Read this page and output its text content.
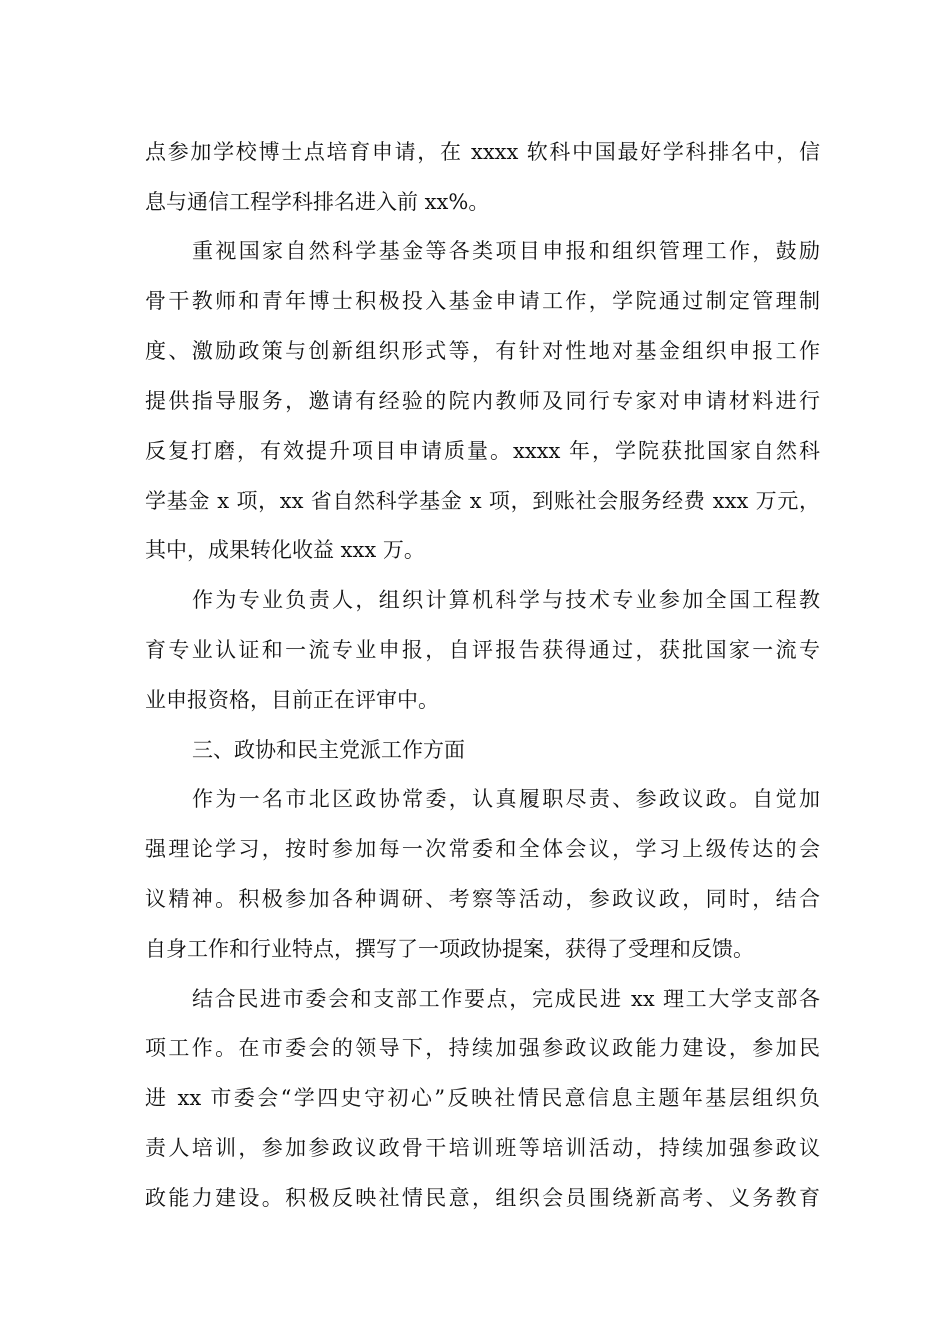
点参加学校博士点培育申请，在 xxxx 软科中国最好学科排名中，信
息与通信工程学科排名进入前 xx%。
重视国家自然科学基金等各类项目申报和组织管理工作，鼓励
骨干教师和青年博士积极投入基金申请工作，学院通过制定管理制
度、激励政策与创新组织形式等，有针对性地对基金组织申报工作
提供指导服务，邀请有经验的院内教师及同行专家对申请材料进行
反复打磨，有效提升项目申请质量。xxxx 年，学院获批国家自然科
学基金 x 项，xx 省自然科学基金 x 项，到账社会服务经费 xxx 万元，
其中，成果转化收益 xxx 万。
作为专业负责人，组织计算机科学与技术专业参加全国工程教
育专业认证和一流专业申报，自评报告获得通过，获批国家一流专
业申报资格，目前正在评审中。
三、政协和民主党派工作方面
作为一名市北区政协常委，认真履职尽责、参政议政。自觉加
强理论学习，按时参加每一次常委和全体会议，学习上级传达的会
议精神。积极参加各种调研、考察等活动，参政议政，同时，结合
自身工作和行业特点，撰写了一项政协提案，获得了受理和反馈。
结合民进市委会和支部工作要点，完成民进 xx 理工大学支部各
项工作。在市委会的领导下，持续加强参政议政能力建设，参加民
进 xx 市委会“学四史守初心”反映社情民意信息主题年基层组织负
责人培训，参加参政议政骨干培训班等培训活动，持续加强参政议
政能力建设。积极反映社情民意，组织会员围绕新高考、义务教育
